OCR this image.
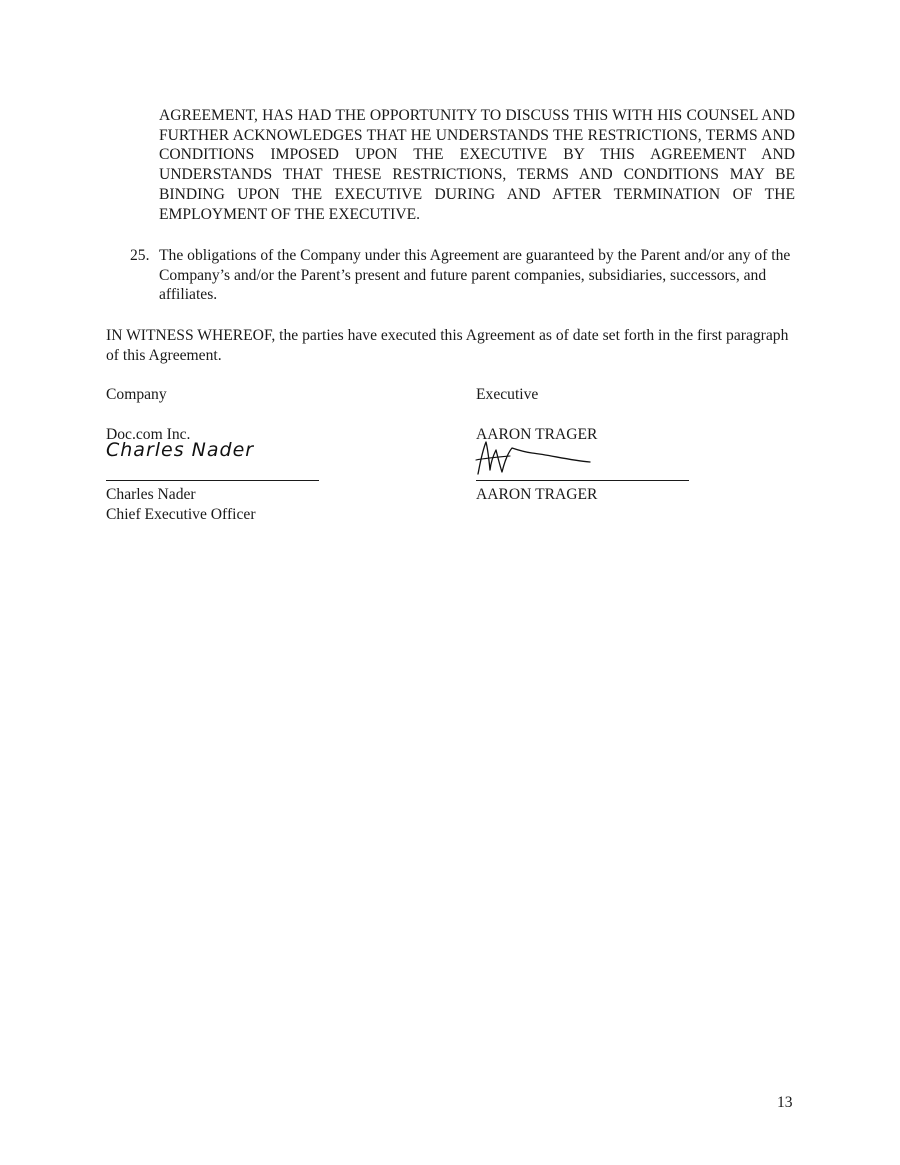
AGREEMENT, HAS HAD THE OPPORTUNITY TO DISCUSS THIS WITH HIS COUNSEL AND FURTHER ACKNOWLEDGES THAT HE UNDERSTANDS THE RESTRICTIONS, TERMS AND CONDITIONS IMPOSED UPON THE EXECUTIVE BY THIS AGREEMENT AND UNDERSTANDS THAT THESE RESTRICTIONS, TERMS AND CONDITIONS MAY BE BINDING UPON THE EXECUTIVE DURING AND AFTER TERMINATION OF THE EMPLOYMENT OF THE EXECUTIVE.
25. The obligations of the Company under this Agreement are guaranteed by the Parent and/or any of the Company’s and/or the Parent’s present and future parent companies, subsidiaries, successors, and affiliates.
IN WITNESS WHEREOF, the parties have executed this Agreement as of date set forth in the first paragraph of this Agreement.
Company
Doc.com Inc.
Charles Nader
Charles Nader
Chief Executive Officer
Executive
AARON TRAGER
AARON TRAGER
13
